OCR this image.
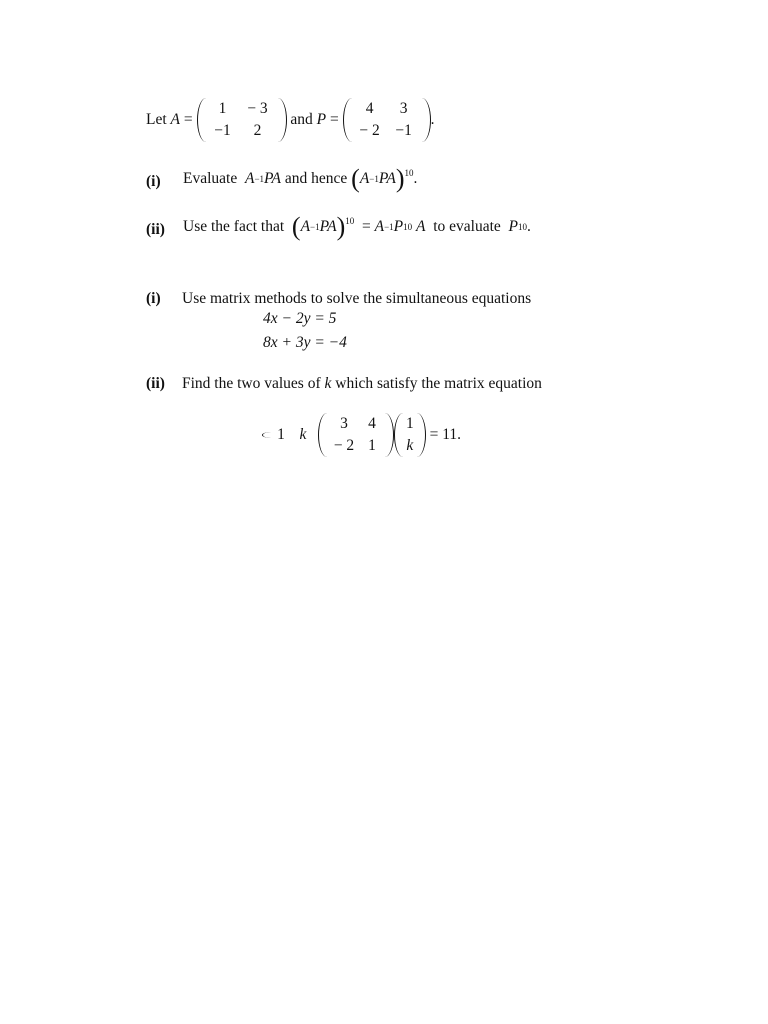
Let
A
=

1	− 3
−1	2

and
P
=

4	3
− 2	−1
.
(i) Evaluate
A −1 PA
and hence
( A −1 PA )$^{10}$ .
(ii) Use the fact that
( A −1 PA )$^{10}$
=
A −1 P 10
A
to evaluate
P 10 .
(i) Use matrix methods to solve the simultaneous equations
4x − 2y = 5
8x + 3y = −4
(ii) Find the two values of k which satisfy the matrix equation
1	k
3	4
− 2	1
1
k

= 11.
